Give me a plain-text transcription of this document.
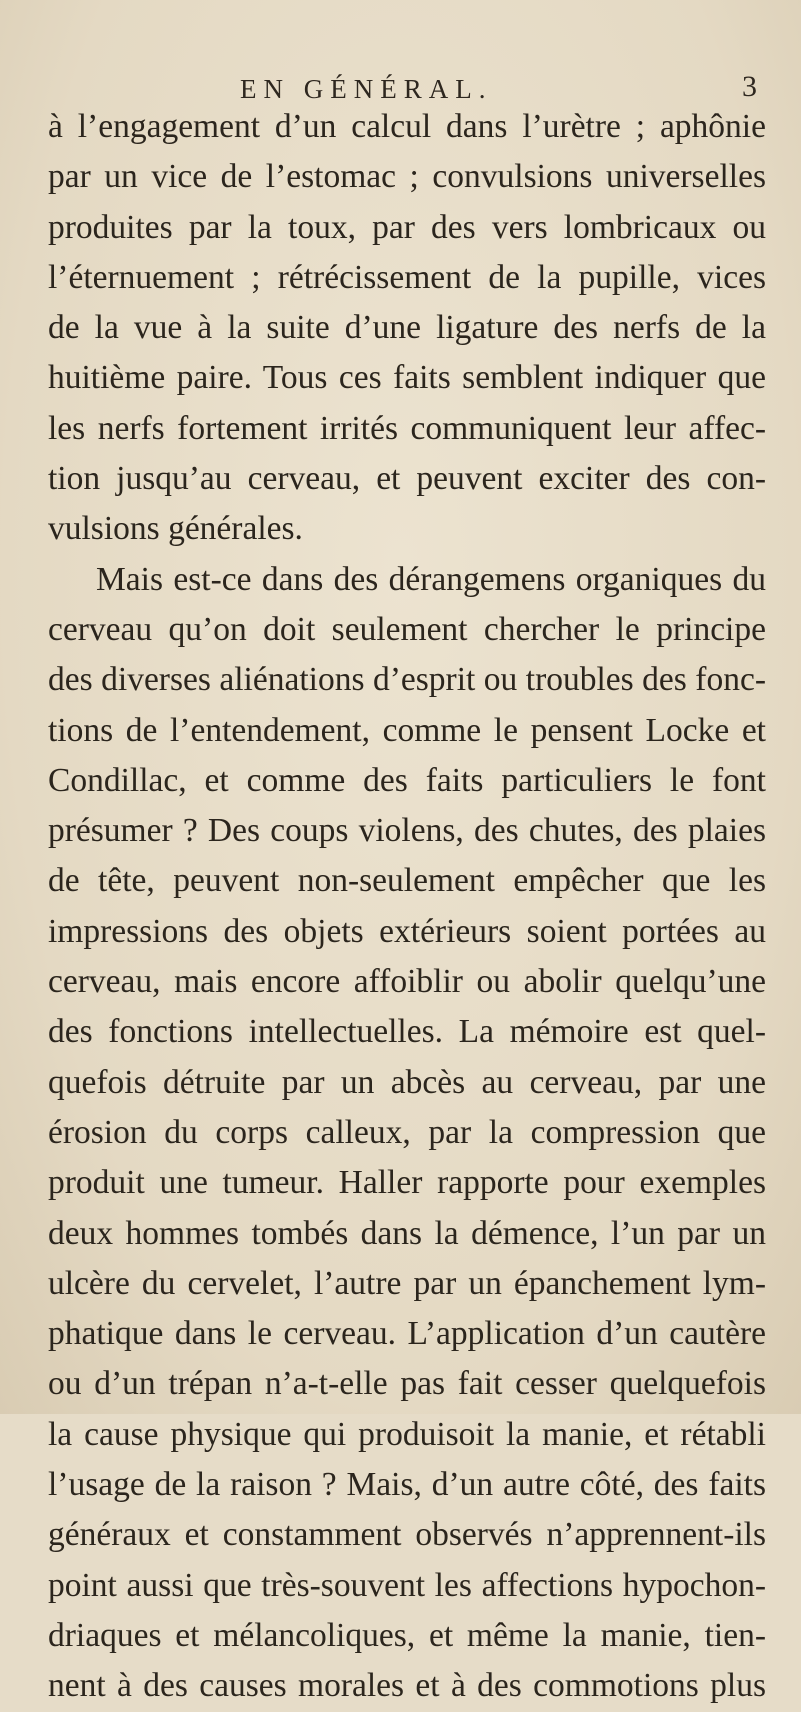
EN GÉNÉRAL.	3
à l’engagement d’un calcul dans l’urètre ; aphônie
par un vice de l’estomac ; convulsions universelles
produites par la toux, par des vers lombricaux ou
l’éternuement ; rétrécissement de la pupille, vices
de la vue à la suite d’une ligature des nerfs de la
huitième paire. Tous ces faits semblent indiquer que
les nerfs fortement irrités communiquent leur affec-
tion jusqu’au cerveau, et peuvent exciter des con-
vulsions générales.
Mais est-ce dans des dérangemens organiques du
cerveau qu’on doit seulement chercher le principe
des diverses aliénations d’esprit ou troubles des fonc-
tions de l’entendement, comme le pensent Locke et
Condillac, et comme des faits particuliers le font
présumer ? Des coups violens, des chutes, des plaies
de tête, peuvent non-seulement empêcher que les
impressions des objets extérieurs soient portées au
cerveau, mais encore affoiblir ou abolir quelqu’une
des fonctions intellectuelles. La mémoire est quel-
quefois détruite par un abcès au cerveau, par une
érosion du corps calleux, par la compression que
produit une tumeur. Haller rapporte pour exemples
deux hommes tombés dans la démence, l’un par un
ulcère du cervelet, l’autre par un épanchement lym-
phatique dans le cerveau. L’application d’un cautère
ou d’un trépan n’a-t-elle pas fait cesser quelquefois
la cause physique qui produisoit la manie, et rétabli
l’usage de la raison ? Mais, d’un autre côté, des faits
généraux et constamment observés n’apprennent-ils
point aussi que très-souvent les affections hypochon-
driaques et mélancoliques, et même la manie, tien-
nent à des causes morales et à des commotions plus
